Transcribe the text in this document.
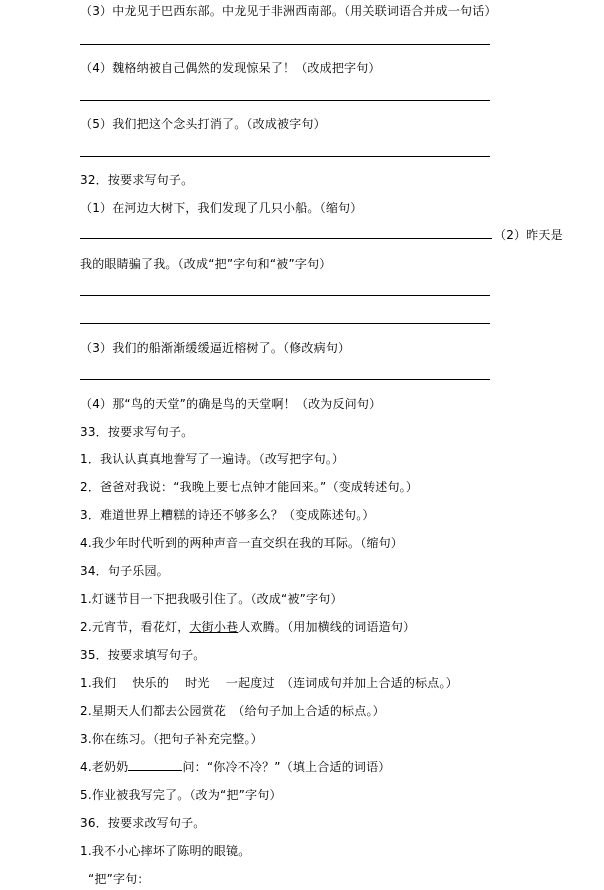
（3）中龙见于巴西东部。中龙见于非洲西南部。（用关联词语合并成一句话）
（4）魏格纳被自己偶然的发现惊呆了！（改成把字句）
（5）我们把这个念头打消了。（改成被字句）
32．按要求写句子。
（1）在河边大树下，我们发现了几只小船。（缩句）
（2）昨天是
我的眼睛骗了我。（改成“把”字句和“被”字句）
（3）我们的船渐渐缓缓逼近榕树了。（修改病句）
（4）那“鸟的天堂”的确是鸟的天堂啊！（改为反问句）
33．按要求写句子。
1．我认认真真地誊写了一遍诗。（改写把字句。）
2．爸爸对我说：“我晚上要七点钟才能回来。”（变成转述句。）
3．难道世界上糟糕的诗还不够多么？（变成陈述句。）
4.我少年时代听到的两种声音一直交织在我的耳际。（缩句）
34．句子乐园。
1.灯谜节目一下把我吸引住了。（改成“被”字句）
2.元宵节，看花灯，大街小巷人欢腾。（用加横线的词语造句）
35．按要求填写句子。
1.我们　 快乐的　 时光　 一起度过　（连词成句并加上合适的标点。）
2.星期天人们都去公园赏花　（给句子加上合适的标点。）
3.你在练习。（把句子补充完整。）
4.老奶奶	问：“你冷不冷？”（填上合适的词语）
5.作业被我写完了。（改为“把”字句）
36．按要求改写句子。
1.我不小心摔坏了陈明的眼镜。
“把”字句：
